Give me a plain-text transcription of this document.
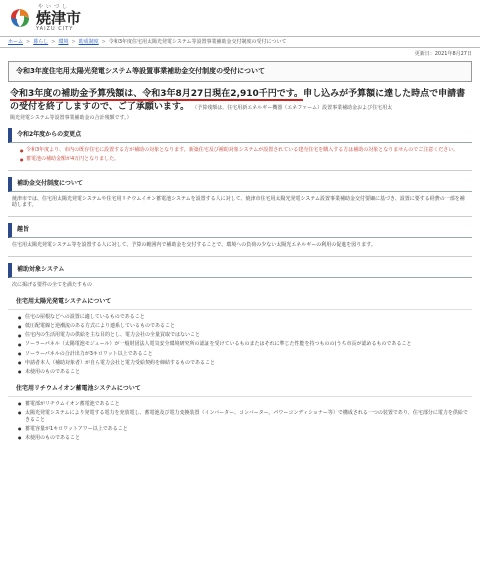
やいづし
焼津市
YAIZU CITY
ホーム > 暮らし > 環境 > 助成制度 > 令和3年度住宅用太陽光発電システム等設置事業補助金交付制度の受付について
更新日：2021年8月27日
令和3年度住宅用太陽光発電システム等設置事業補助金交付制度の受付について

令和3年度の補助金予算残額は、令和3年8月27日現在2,910千円です。申し込みが予算額に達した時点で申請書の受付を終了しますので、ご了承願います。 （予算残額は、住宅用新エネルギー機器（エネファーム）設置事業補助金および住宅用太

陽光発電システム等設置事業補助金の合計残額です。）

令和2年度からの変更点
● 令和3年度より、市内の既存住宅に設置する方が補助の対象となります。新築住宅及び補助対象システムが設置されている建売住宅を購入する方は補助の対象となりませんのでご注意ください。
● 蓄電池の補助金額が4万円となりました。
補助金交付制度について

焼津市では、住宅用太陽光発電システムや住宅用リチウムイオン蓄電池システムを設置する人に対して、焼津市住宅用太陽光発電システム設置事業補助金交付要綱に基づき、設置に要する経費の一部を補助します。

趣旨

住宅用太陽光発電システム等を設置する人に対して、予算の範囲内で補助金を交付することで、環境への負荷の少ない太陽光エネルギーの利用の促進を図ります。

補助対象システム

次に掲げる要件の全てを満たすもの

住宅用太陽光発電システムについて
● 住宅の屋根などへの設置に適しているものであること
● 低圧配電線と逆潮流のある方式により連系しているものであること
● 住宅内の生活用電力の供給を主な目的とし、電力会社の全量買取ではないこと
● ソーラーパネル（太陽電池モジュール）が一般財団法人電気安全環境研究所の認証を受けているものまたはそれに準じた性能を持つものの(うち市長が認めるものであること
● ソーラーパネルの合計出力が3キロワット以上であること
● 申請者本人（補助対象者）が自ら電力会社と電力受給契約を締結するものであること
● 未使用のものであること
住宅用リチウムイオン蓄電池システムについて
● 蓄電部がリチウムイオン蓄電池であること
● 太陽光発電システムにより発電する電力を充放電し、蓄電池及び電力変換装置（インバーター、コンバーター、パワーコンディショナー等）で構成される一つの装置であり、住宅部分に電力を供給できること
● 蓄電容量が1キロワットアワー以上であること
● 未使用のものであること
